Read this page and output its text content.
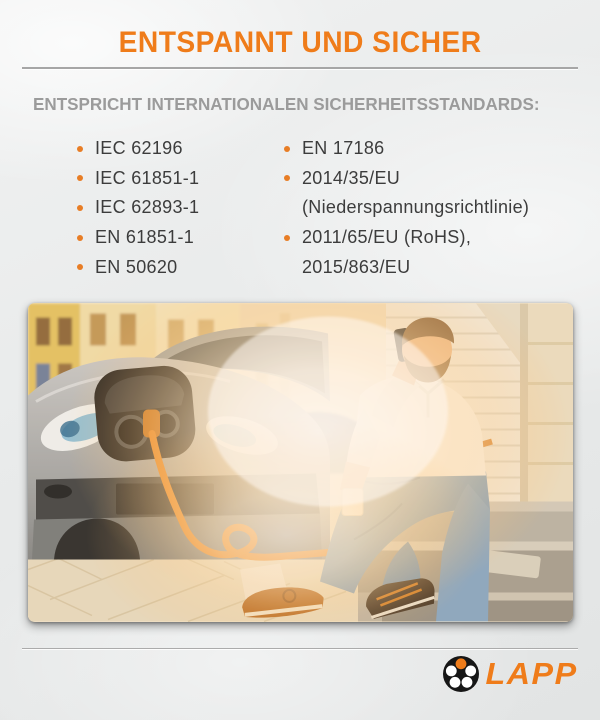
ENTSPANNT UND SICHER
ENTSPRICHT INTERNATIONALEN SICHERHEITSSTANDARDS:
IEC 62196
IEC 61851-1
IEC 62893-1
EN 61851-1
EN 50620
EN 17186
2014/35/EU
(Niederspannungsrichtlinie)
2011/65/EU (RoHS),
2015/863/EU
LAPP
